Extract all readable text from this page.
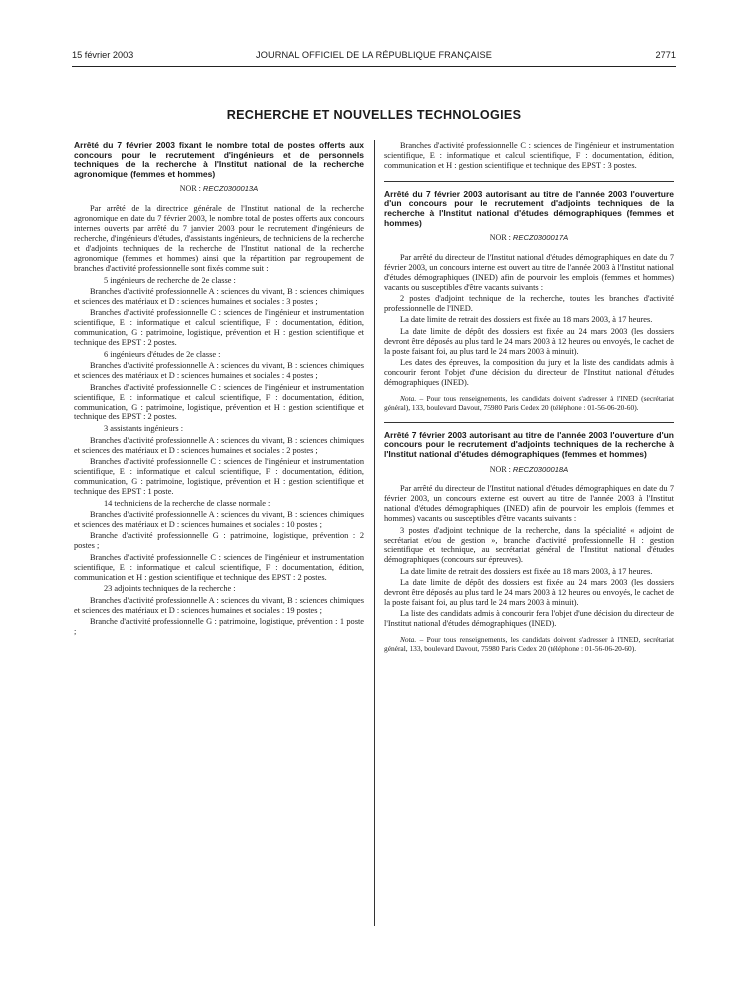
15 février 2003	JOURNAL OFFICIEL DE LA RÉPUBLIQUE FRANÇAISE	2771
RECHERCHE ET NOUVELLES TECHNOLOGIES

Arrêté du 7 février 2003 fixant le nombre total de postes offerts aux concours pour le recrutement d'ingénieurs et de personnels techniques de la recherche à l'Institut national de la recherche agronomique (femmes et hommes)

NOR : RECZ0300013A

Par arrêté de la directrice générale de l'Institut national de la recherche agronomique en date du 7 février 2003, le nombre total de postes offerts aux concours internes ouverts par arrêté du 7 janvier 2003 pour le recrutement d'ingénieurs de recherche, d'ingénieurs d'études, d'assistants ingénieurs, de techniciens de la recherche et d'adjoints techniques de la recherche de l'Institut national de la recherche agronomique (femmes et hommes) ainsi que la répartition par regroupement de branches d'activité professionnelle sont fixés comme suit :

5 ingénieurs de recherche de 2e classe :

Branches d'activité professionnelle A : sciences du vivant, B : sciences chimiques et sciences des matériaux et D : sciences humaines et sociales : 3 postes ;

Branches d'activité professionnelle C : sciences de l'ingénieur et instrumentation scientifique, E : informatique et calcul scientifique, F : documentation, édition, communication, G : patrimoine, logistique, prévention et H : gestion scientifique et technique des EPST : 2 postes.

6 ingénieurs d'études de 2e classe :

Branches d'activité professionnelle A : sciences du vivant, B : sciences chimiques et sciences des matériaux et D : sciences humaines et sociales : 4 postes ;

Branches d'activité professionnelle C : sciences de l'ingénieur et instrumentation scientifique, E : informatique et calcul scientifique, F : documentation, édition, communication, G : patrimoine, logistique, prévention et H : gestion scientifique et technique des EPST : 2 postes.

3 assistants ingénieurs :

Branches d'activité professionnelle A : sciences du vivant, B : sciences chimiques et sciences des matériaux et D : sciences humaines et sociales : 2 postes ;

Branches d'activité professionnelle C : sciences de l'ingénieur et instrumentation scientifique, E : informatique et calcul scientifique, F : documentation, édition, communication, G : patrimoine, logistique, prévention et H : gestion scientifique et technique des EPST : 1 poste.

14 techniciens de la recherche de classe normale :

Branches d'activité professionnelle A : sciences du vivant, B : sciences chimiques et sciences des matériaux et D : sciences humaines et sociales : 10 postes ;

Branche d'activité professionnelle G : patrimoine, logistique, prévention : 2 postes ;

Branches d'activité professionnelle C : sciences de l'ingénieur et instrumentation scientifique, E : informatique et calcul scientifique, F : documentation, édition, communication et H : gestion scientifique et technique des EPST : 2 postes.

23 adjoints techniques de la recherche :

Branches d'activité professionnelle A : sciences du vivant, B : sciences chimiques et sciences des matériaux et D : sciences humaines et sociales : 19 postes ;

Branche d'activité professionnelle G : patrimoine, logistique, prévention : 1 poste ;

Branches d'activité professionnelle C : sciences de l'ingénieur et instrumentation scientifique, E : informatique et calcul scientifique, F : documentation, édition, communication et H : gestion scientifique et technique des EPST : 3 postes.

Arrêté du 7 février 2003 autorisant au titre de l'année 2003 l'ouverture d'un concours pour le recrutement d'adjoints techniques de la recherche à l'Institut national d'études démographiques (femmes et hommes)

NOR : RECZ0300017A

Par arrêté du directeur de l'Institut national d'études démographiques en date du 7 février 2003, un concours interne est ouvert au titre de l'année 2003 à l'Institut national d'études démographiques (INED) afin de pourvoir les emplois (femmes et hommes) vacants ou susceptibles d'être vacants suivants :

2 postes d'adjoint technique de la recherche, toutes les branches d'activité professionnelle de l'INED.

La date limite de retrait des dossiers est fixée au 18 mars 2003, à 17 heures.

La date limite de dépôt des dossiers est fixée au 24 mars 2003 (les dossiers devront être déposés au plus tard le 24 mars 2003 à 12 heures ou envoyés, le cachet de la poste faisant foi, au plus tard le 24 mars 2003 à minuit).

Les dates des épreuves, la composition du jury et la liste des candidats admis à concourir feront l'objet d'une décision du directeur de l'Institut national d'études démographiques (INED).

Nota. – Pour tous renseignements, les candidats doivent s'adresser à l'INED (secrétariat général), 133, boulevard Davout, 75980 Paris Cedex 20 (téléphone : 01-56-06-20-60).

Arrêté 7 février 2003 autorisant au titre de l'année 2003 l'ouverture d'un concours pour le recrutement d'adjoints techniques de la recherche à l'Institut national d'études démographiques (femmes et hommes)

NOR : RECZ0300018A

Par arrêté du directeur de l'Institut national d'études démographiques en date du 7 février 2003, un concours externe est ouvert au titre de l'année 2003 à l'Institut national d'études démographiques (INED) afin de pourvoir les emplois (femmes et hommes) vacants ou susceptibles d'être vacants suivants :

3 postes d'adjoint technique de la recherche, dans la spécialité « adjoint de secrétariat et/ou de gestion », branche d'activité professionnelle H : gestion scientifique et technique, au secrétariat général de l'Institut national d'études démographiques (concours sur épreuves).

La date limite de retrait des dossiers est fixée au 18 mars 2003, à 17 heures.

La date limite de dépôt des dossiers est fixée au 24 mars 2003 (les dossiers devront être déposés au plus tard le 24 mars 2003 à 12 heures ou envoyés, le cachet de la poste faisant foi, au plus tard le 24 mars 2003 à minuit).

La liste des candidats admis à concourir fera l'objet d'une décision du directeur de l'Institut national d'études démographiques (INED).

Nota. – Pour tous renseignements, les candidats doivent s'adresser à l'INED, secrétariat général, 133, boulevard Davout, 75980 Paris Cedex 20 (téléphone : 01-56-06-20-60).
